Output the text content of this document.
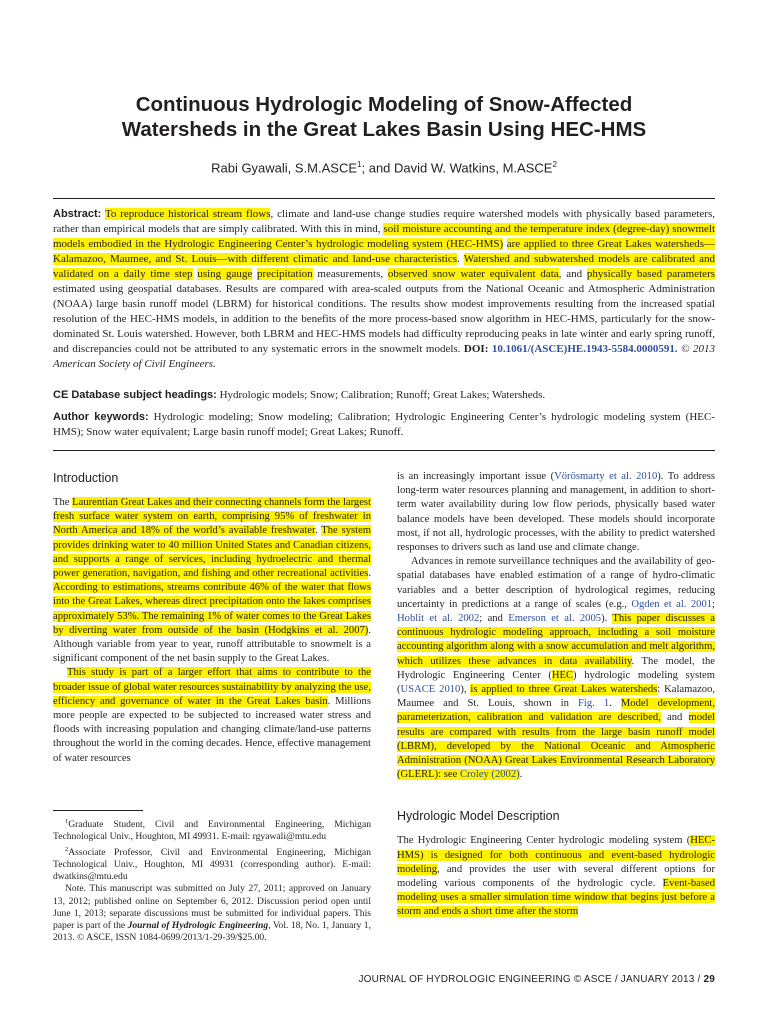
Continuous Hydrologic Modeling of Snow-Affected
Watersheds in the Great Lakes Basin Using HEC-HMS
Rabi Gyawali, S.M.ASCE$^1$; and David W. Watkins, M.ASCE$^2$

Abstract: To reproduce historical stream flows, climate and land-use change studies require watershed models with physically based parameters, rather than empirical models that are simply calibrated. With this in mind, soil moisture accounting and the temperature index (degree-day) snowmelt models embodied in the Hydrologic Engineering Center’s hydrologic modeling system (HEC-HMS) are applied to three Great Lakes watersheds—Kalamazoo, Maumee, and St. Louis—with different climatic and land-use characteristics. Watershed and subwatershed models are calibrated and validated on a daily time step using gauge precipitation measurements, observed snow water equivalent data, and physically based parameters estimated using geospatial databases. Results are compared with area-scaled outputs from the National Oceanic and Atmospheric Administration (NOAA) large basin runoff model (LBRM) for historical conditions. The results show modest improvements resulting from the increased spatial resolution of the HEC-HMS models, in addition to the benefits of the more process-based snow algorithm in HEC-HMS, particularly for the snow-dominated St. Louis watershed. However, both LBRM and HEC-HMS models had difficulty reproducing peaks in late winter and early spring runoff, and discrepancies could not be attributed to any systematic errors in the snowmelt models. DOI: 10.1061/(ASCE)HE.1943-5584.0000591. © 2013 American Society of Civil Engineers.

CE Database subject headings: Hydrologic models; Snow; Calibration; Runoff; Great Lakes; Watersheds.

Author keywords: Hydrologic modeling; Snow modeling; Calibration; Hydrologic Engineering Center’s hydrologic modeling system (HEC-HMS); Snow water equivalent; Large basin runoff model; Great Lakes; Runoff.

Introduction

The Laurentian Great Lakes and their connecting channels form the largest fresh surface water system on earth, comprising 95% of freshwater in North America and 18% of the world’s available freshwater. The system provides drinking water to 40 million United States and Canadian citizens, and supports a range of services, including hydroelectric and thermal power generation, navigation, and fishing and other recreational activities. According to estimations, streams contribute 46% of the water that flows into the Great Lakes, whereas direct precipitation onto the lakes comprises approximately 53%. The remaining 1% of water comes to the Great Lakes by diverting water from outside of the basin (Hodgkins et al. 2007). Although variable from year to year, runoff attributable to snowmelt is a significant component of the net basin supply to the Great Lakes.

This study is part of a larger effort that aims to contribute to the broader issue of global water resources sustainability by analyzing the use, efficiency and governance of water in the Great Lakes basin. Millions more people are expected to be subjected to increased water stress and floods with increasing population and changing climate/land-use patterns throughout the world in the coming decades. Hence, effective management of water resources

$^1$Graduate Student, Civil and Environmental Engineering, Michigan Technological Univ., Houghton, MI 49931. E-mail: rgyawali@mtu.edu

$^2$Associate Professor, Civil and Environmental Engineering, Michigan Technological Univ., Houghton, MI 49931 (corresponding author). E-mail: dwatkins@mtu.edu

Note. This manuscript was submitted on July 27, 2011; approved on January 13, 2012; published online on September 6, 2012. Discussion period open until June 1, 2013; separate discussions must be submitted for individual papers. This paper is part of the Journal of Hydrologic Engineering, Vol. 18, No. 1, January 1, 2013. © ASCE, ISSN 1084-0699/2013/1-29-39/$25.00.

is an increasingly important issue (Vörösmarty et al. 2010). To address long-term water resources planning and management, in addition to short-term water availability during low flow periods, physically based water balance models have been developed. These models should incorporate most, if not all, hydrologic processes, with the ability to predict watershed responses to drivers such as land use and climate change.

Advances in remote surveillance techniques and the availability of geo-spatial databases have enabled estimation of a range of hydro-climatic variables and a better description of hydrological regimes, reducing uncertainty in predictions at a range of scales (e.g., Ogden et al. 2001; Hoblit et al. 2002; and Emerson et al. 2005). This paper discusses a continuous hydrologic modeling approach, including a soil moisture accounting algorithm along with a snow accumulation and melt algorithm, which utilizes these advances in data availability. The model, the Hydrologic Engineering Center (HEC) hydrologic modeling system (USACE 2010), is applied to three Great Lakes watersheds: Kalamazoo, Maumee and St. Louis, shown in Fig. 1. Model development, parameterization, calibration and validation are described, and model results are compared with results from the large basin runoff model (LBRM), developed by the National Oceanic and Atmospheric Administration (NOAA) Great Lakes Environmental Research Laboratory (GLERL): see Croley (2002).

Hydrologic Model Description

The Hydrologic Engineering Center hydrologic modeling system (HEC-HMS) is designed for both continuous and event-based hydrologic modeling, and provides the user with several different options for modeling various components of the hydrologic cycle. Event-based modeling uses a smaller simulation time window that begins just before a storm and ends a short time after the storm

JOURNAL OF HYDROLOGIC ENGINEERING © ASCE / JANUARY 2013 / 29
